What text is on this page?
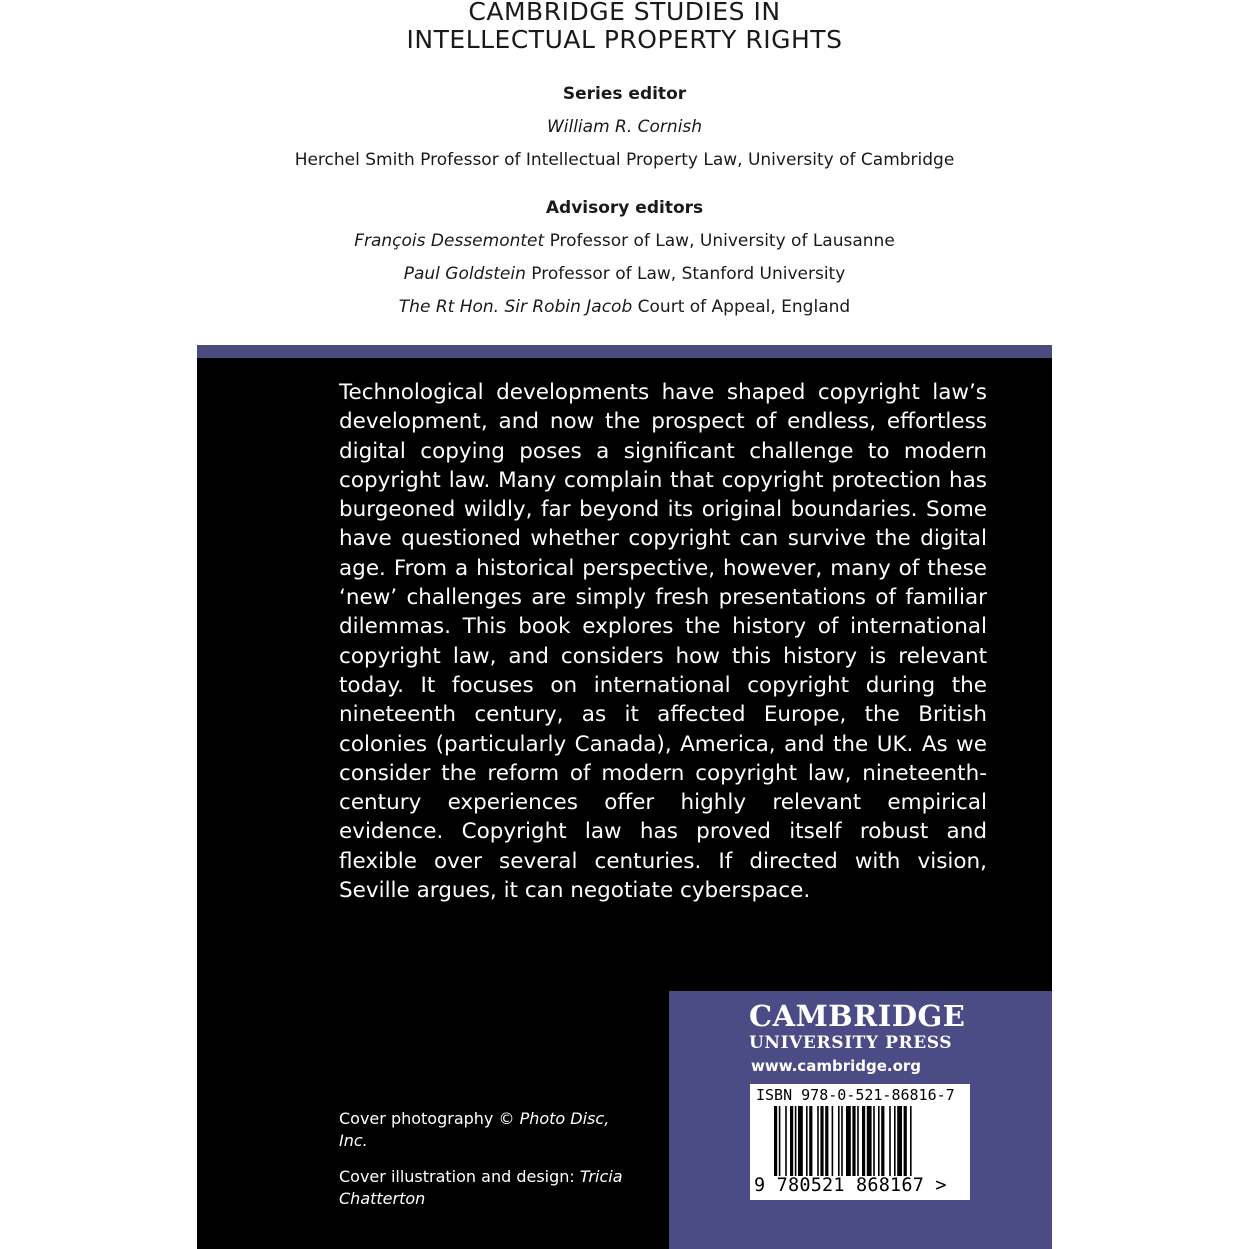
CAMBRIDGE STUDIES IN
INTELLECTUAL PROPERTY RIGHTS
Series editor
William R. Cornish
Herchel Smith Professor of Intellectual Property Law, University of Cambridge
Advisory editors
François Dessemontet Professor of Law, University of Lausanne
Paul Goldstein Professor of Law, Stanford University
The Rt Hon. Sir Robin Jacob Court of Appeal, England
Technological developments have shaped copyright law’s development, and now the prospect of endless, effortless digital copying poses a significant challenge to modern copyright law. Many complain that copyright protection has burgeoned wildly, far beyond its original boundaries. Some have questioned whether copyright can survive the digital age. From a historical perspective, however, many of these ‘new’ challenges are simply fresh presentations of familiar dilemmas. This book explores the history of international copyright law, and considers how this history is relevant today. It focuses on international copyright during the nineteenth century, as it affected Europe, the British colonies (particularly Canada), America, and the UK. As we consider the reform of modern copyright law, nineteenth-century experiences offer highly relevant empirical evidence. Copyright law has proved itself robust and flexible over several centuries. If directed with vision, Seville argues, it can negotiate cyberspace.

Cover photography © Photo Disc, Inc.

Cover illustration and design: Tricia Chatterton

CAMBRIDGE
UNIVERSITY PRESS
www.cambridge.org
ISBN 978-0-521-86816-7
9 780521 868167 >
